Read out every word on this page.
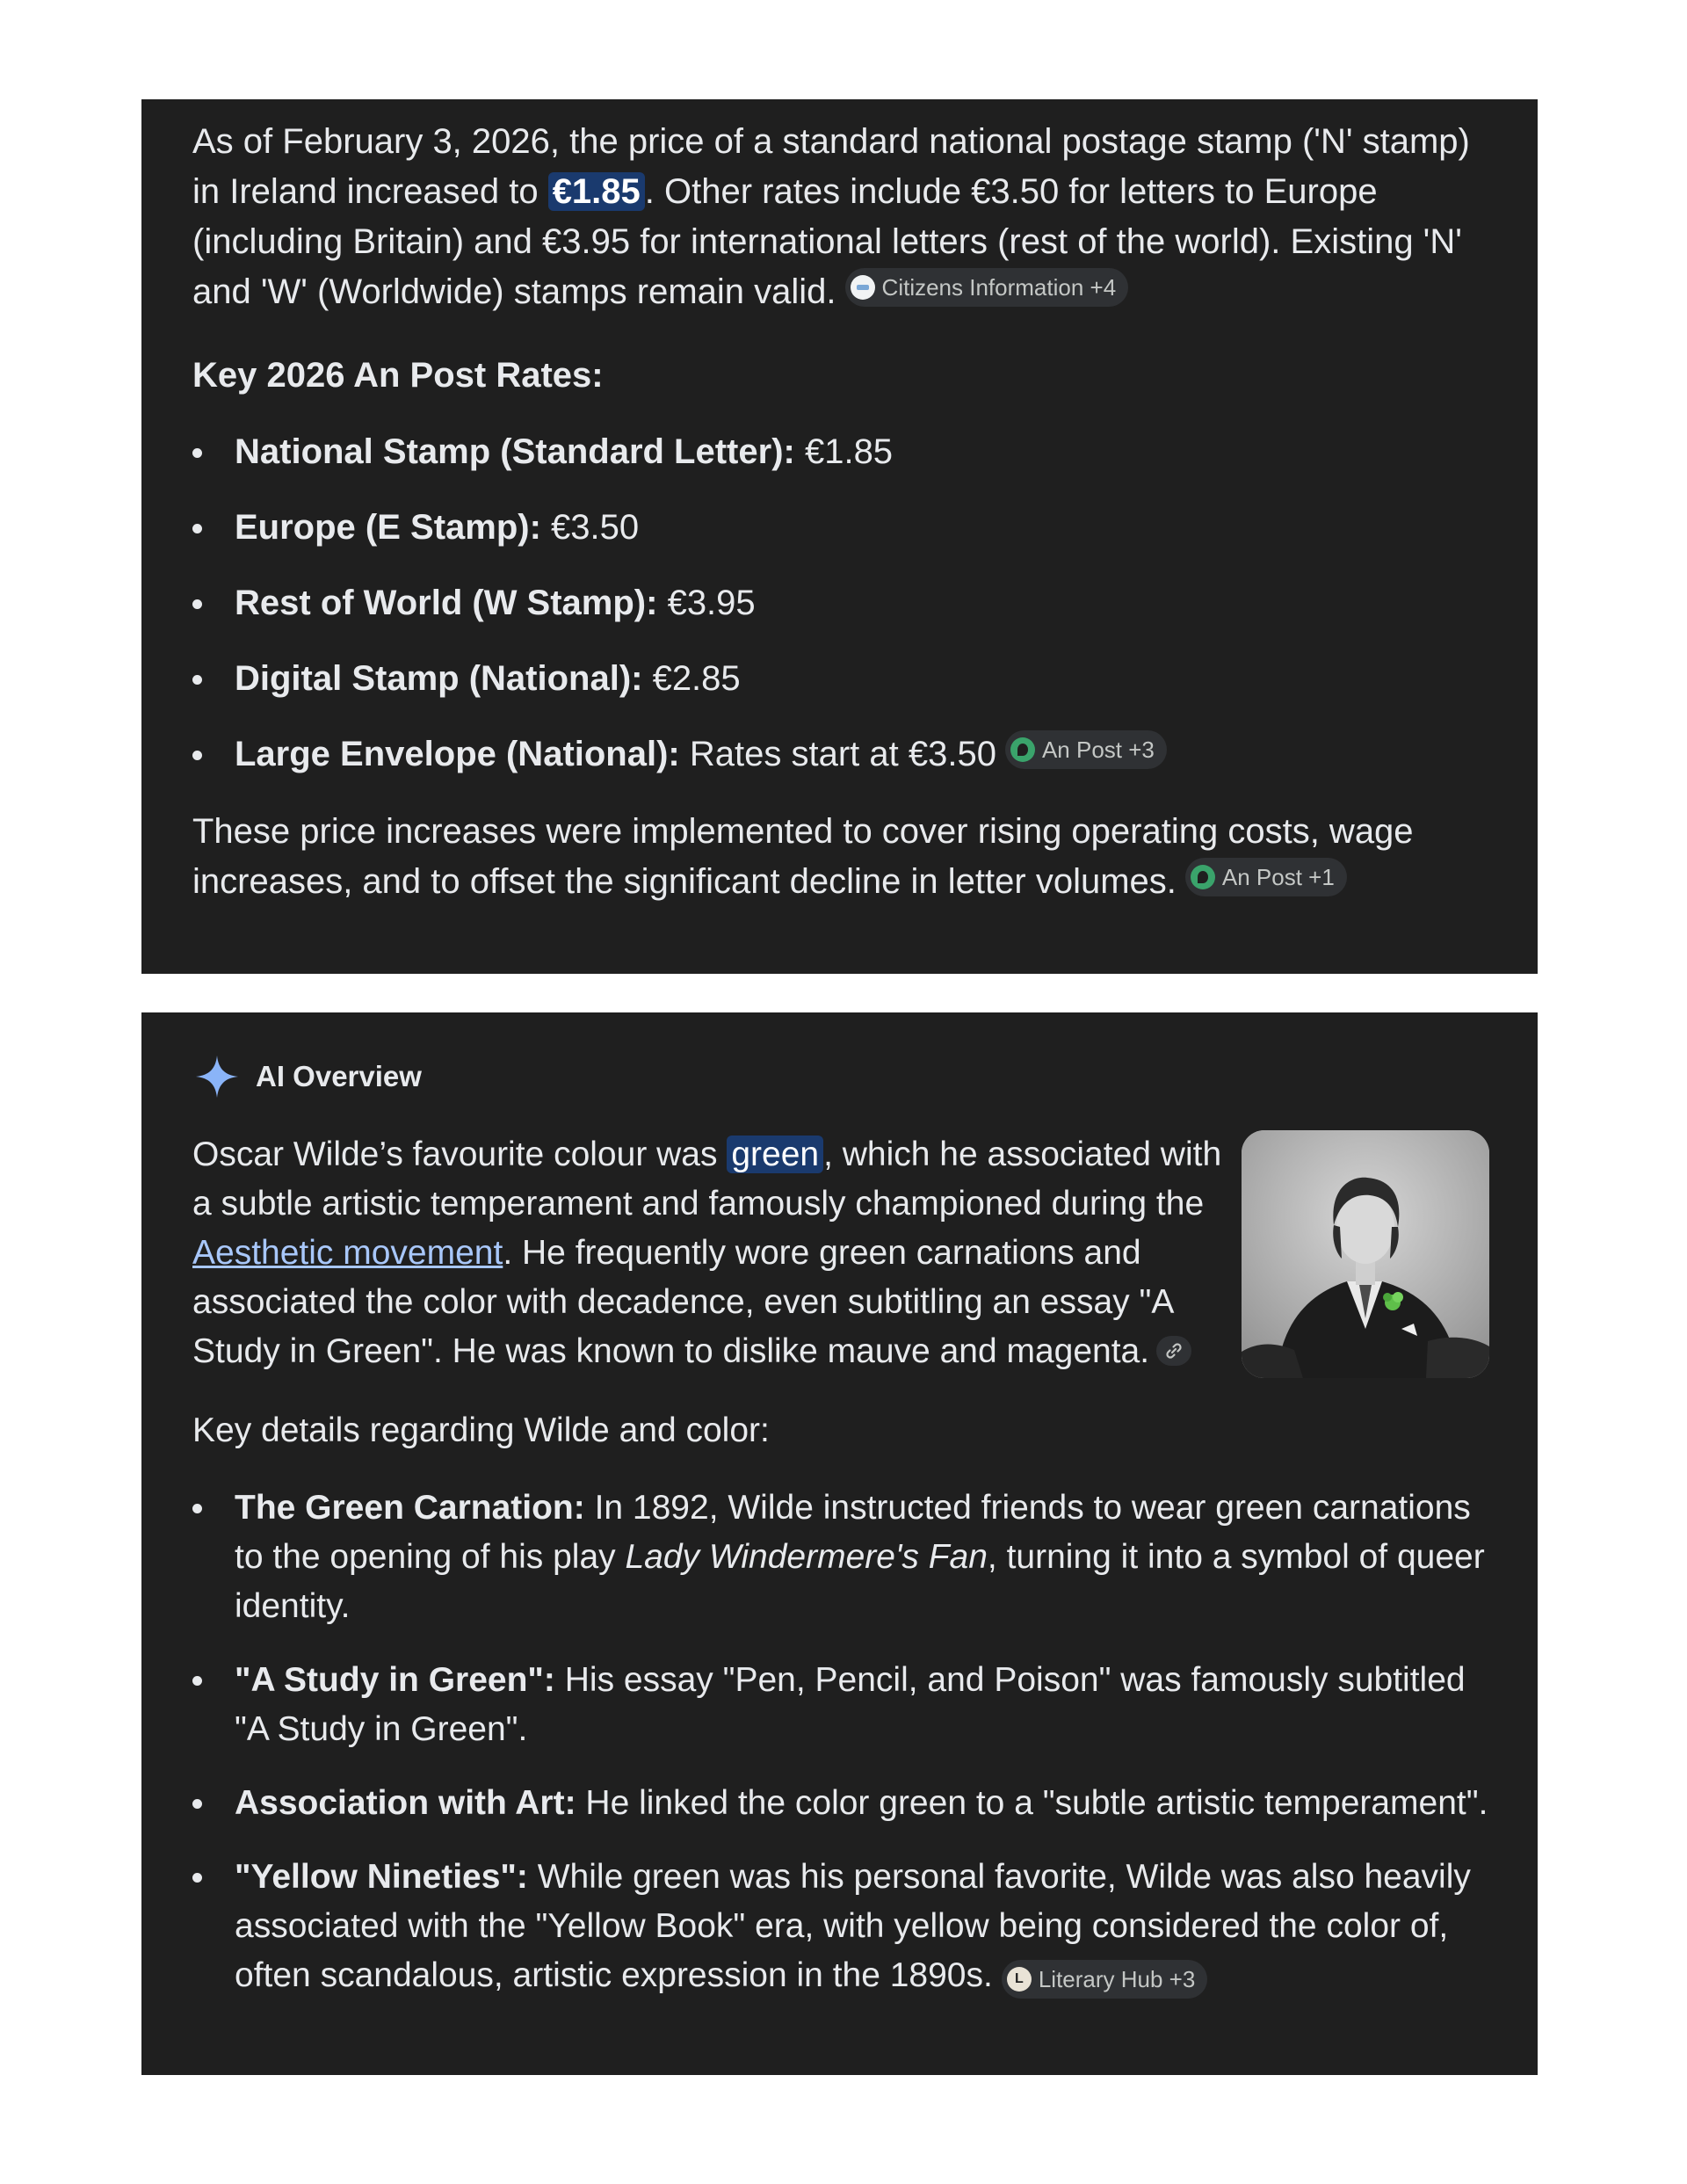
As of February 3, 2026, the price of a standard national postage stamp ('N' stamp) in Ireland increased to €1.85 . Other rates include €3.50 for letters to Europe (including Britain) and €3.95 for international letters (rest of the world). Existing 'N' and 'W' (Worldwide) stamps remain valid. Citizens Information +4

Key 2026 An Post Rates:

National Stamp (Standard Letter): €1.85
Europe (E Stamp): €3.50
Rest of World (W Stamp): €3.95
Digital Stamp (National): €2.85
Large Envelope (National): Rates start at €3.50 An Post +3

These price increases were implemented to cover rising operating costs, wage increases, and to offset the significant decline in letter volumes. An Post +1

AI Overview

Oscar Wilde’s favourite colour was green , which he associated with a subtle artistic temperament and famously championed during the Aesthetic movement. He frequently wore green carnations and associated the color with decadence, even subtitling an essay "A Study in Green". He was known to dislike mauve and magenta.

Key details regarding Wilde and color:

The Green Carnation: In 1892, Wilde instructed friends to wear green carnations to the opening of his play Lady Windermere's Fan, turning it into a symbol of queer identity.
"A Study in Green": His essay "Pen, Pencil, and Poison" was famously subtitled "A Study in Green".
Association with Art: He linked the color green to a "subtle artistic temperament".
"Yellow Nineties": While green was his personal favorite, Wilde was also heavily associated with the "Yellow Book" era, with yellow being considered the color of, often scandalous, artistic expression in the 1890s.	L Literary Hub +3
